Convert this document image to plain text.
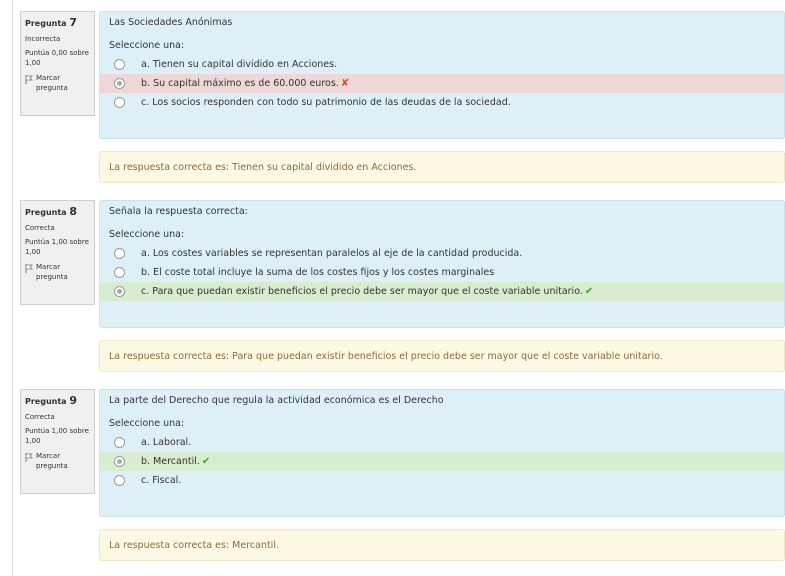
Pregunta 7
Incorrecta
Puntúa 0,00 sobre 1,00
Marcar pregunta
Las Sociedades Anónimas
Seleccione una:
a. Tienen su capital dividido en Acciones.
b. Su capital máximo es de 60.000 euros. ✘
c. Los socios responden con todo su patrimonio de las deudas de la sociedad.
La respuesta correcta es: Tienen su capital dividido en Acciones.
Pregunta 8
Correcta
Puntúa 1,00 sobre 1,00
Marcar pregunta
Señala la respuesta correcta:
Seleccione una:
a. Los costes variables se representan paralelos al eje de la cantidad producida.
b. El coste total incluye la suma de los costes fijos y los costes marginales
c. Para que puedan existir beneficios el precio debe ser mayor que el coste variable unitario. ✔
La respuesta correcta es: Para que puedan existir beneficios el precio debe ser mayor que el coste variable unitario.
Pregunta 9
Correcta
Puntúa 1,00 sobre 1,00
Marcar pregunta
La parte del Derecho que regula la actividad económica es el Derecho
Seleccione una:
a. Laboral.
b. Mercantil. ✔
c. Fiscal.
La respuesta correcta es: Mercantil.
